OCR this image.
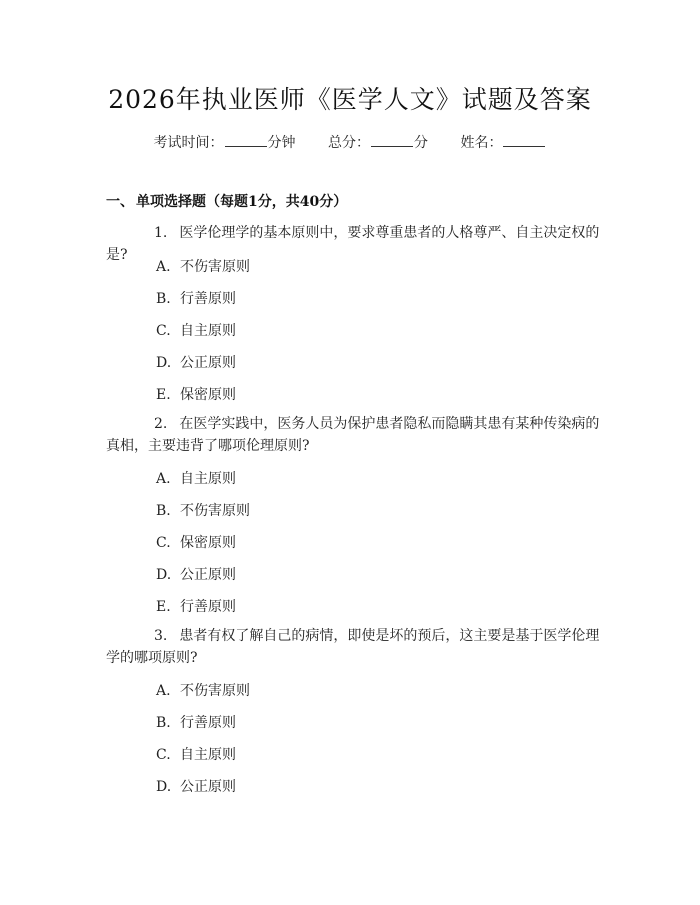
2026年执业医师《医学人文》试题及答案
考试时间：	分钟 总分：	分 姓名：
一、 单项选择题（每题1分，共40分）
1. 医学伦理学的基本原则中，要求尊重患者的人格尊严、自主决定权的是?
A. 不伤害原则
B. 行善原则
C. 自主原则
D. 公正原则
E. 保密原则
2. 在医学实践中，医务人员为保护患者隐私而隐瞒其患有某种传染病的真相，主要违背了哪项伦理原则?
A. 自主原则
B. 不伤害原则
C. 保密原则
D. 公正原则
E. 行善原则
3. 患者有权了解自己的病情，即使是坏的预后，这主要是基于医学伦理学的哪项原则?
A. 不伤害原则
B. 行善原则
C. 自主原则
D. 公正原则
